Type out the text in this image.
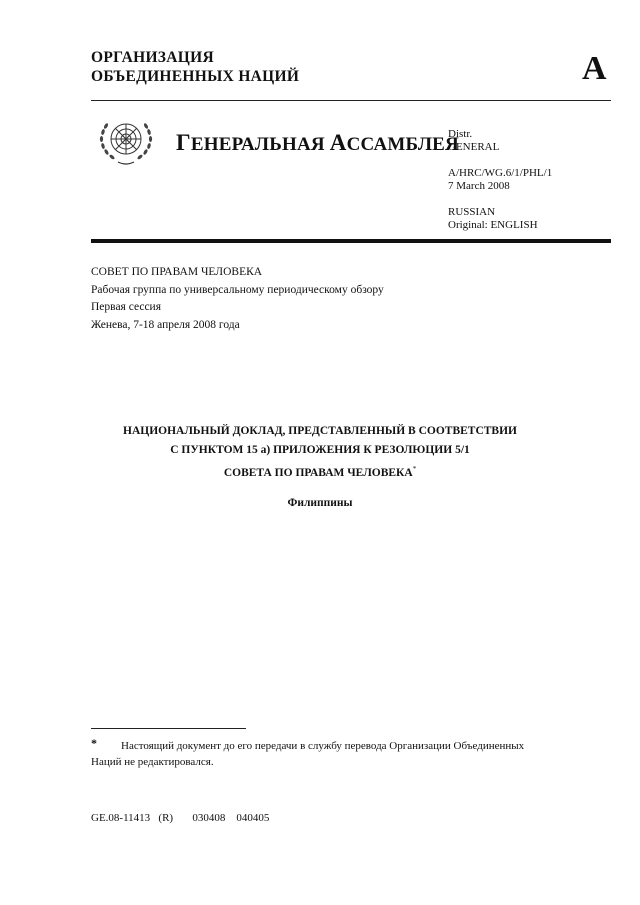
ОРГАНИЗАЦИЯ
ОБЪЕДИНЕННЫХ НАЦИЙ	A
ГЕНЕРАЛЬНАЯ АССАМБЛЕЯ
Distr.
GENERAL
A/HRC/WG.6/1/PHL/1
7 March 2008
RUSSIAN
Original: ENGLISH
СОВЕТ ПО ПРАВАМ ЧЕЛОВЕКА
Рабочая группа по универсальному периодическому обзору
Первая сессия
Женева, 7-18 апреля 2008 года
НАЦИОНАЛЬНЫЙ ДОКЛАД, ПРЕДСТАВЛЕННЫЙ В СООТВЕТСТВИИ
С ПУНКТОМ 15 а) ПРИЛОЖЕНИЯ К РЕЗОЛЮЦИИ 5/1
СОВЕТА ПО ПРАВАМ ЧЕЛОВЕКА*
Филиппины
*	Настоящий документ до его передачи в службу перевода Организации Объединенных Наций не редактировался.
GE.08-11413   (R)       030408    040405
